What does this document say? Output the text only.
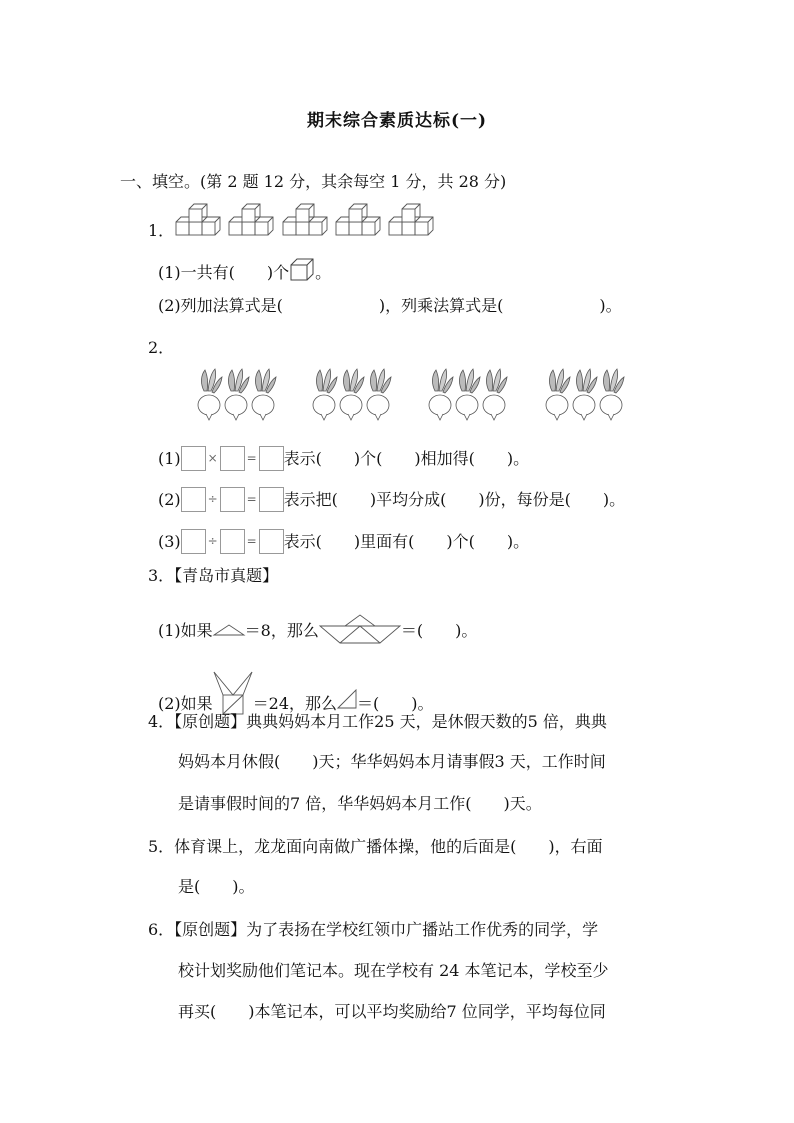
期末综合素质达标(一)
一、填空。(第 2 题 12 分，其余每空 1 分，共 28 分)
1．
(1)一共有(　　)个 。
(2)列加法算式是(　　　　　　)，列乘法算式是(　　　　　　)。
2．
(1) × = 表示(　　)个(　　)相加得(　　)。
(2) ÷ = 表示把(　　)平均分成(　　)份，每份是(　　)。
(3) ÷ = 表示(　　)里面有(　　)个(　　)。
3．【青岛市真题】
(1)如果 ＝8，那么	＝(　　)。
(2)如果	＝24，那么 ＝(　　)。
4．【原创题】典典妈妈本月工作25 天，是休假天数的5 倍，典典
妈妈本月休假(　　)天；华华妈妈本月请事假3 天，工作时间
是请事假时间的7 倍，华华妈妈本月工作(　　)天。
5．体育课上，龙龙面向南做广播体操，他的后面是(　　)，右面
是(　　)。
6．【原创题】为了表扬在学校红领巾广播站工作优秀的同学，学
校计划奖励他们笔记本。现在学校有 24 本笔记本，学校至少
再买(　　)本笔记本，可以平均奖励给7 位同学，平均每位同
